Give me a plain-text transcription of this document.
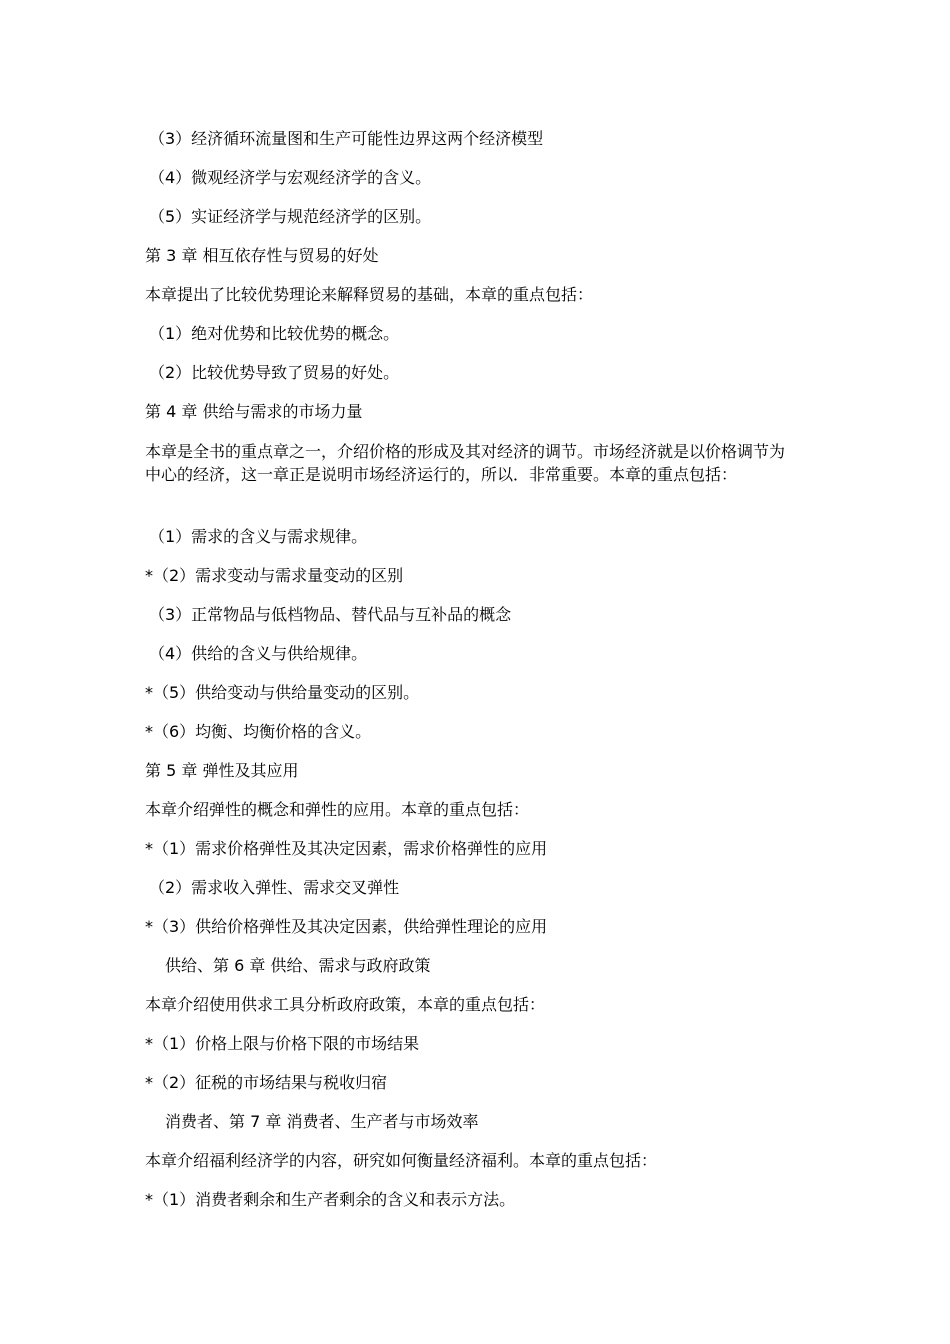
（3）经济循环流量图和生产可能性边界这两个经济模型
（4）微观经济学与宏观经济学的含义。
（5）实证经济学与规范经济学的区别。
第 3 章 相互依存性与贸易的好处
本章提出了比较优势理论来解释贸易的基础，本章的重点包括：
（1）绝对优势和比较优势的概念。
（2）比较优势导致了贸易的好处。
第 4 章 供给与需求的市场力量
本章是全书的重点章之一，介绍价格的形成及其对经济的调节。市场经济就是以价格调节为中心的经济，这一章正是说明市场经济运行的，所以．非常重要。本章的重点包括：
（1）需求的含义与需求规律。
*（2）需求变动与需求量变动的区别
（3）正常物品与低档物品、替代品与互补品的概念
（4）供给的含义与供给规律。
*（5）供给变动与供给量变动的区别。
*（6）均衡、均衡价格的含义。
第 5 章 弹性及其应用
本章介绍弹性的概念和弹性的应用。本章的重点包括：
*（1）需求价格弹性及其决定因素，需求价格弹性的应用
（2）需求收入弹性、需求交叉弹性
*（3）供给价格弹性及其决定因素，供给弹性理论的应用
供给、第 6 章 供给、需求与政府政策
本章介绍使用供求工具分析政府政策，本章的重点包括：
*（1）价格上限与价格下限的市场结果
*（2）征税的市场结果与税收归宿
消费者、第 7 章 消费者、生产者与市场效率
本章介绍福利经济学的内容，研究如何衡量经济福利。本章的重点包括：
*（1）消费者剩余和生产者剩余的含义和表示方法。
